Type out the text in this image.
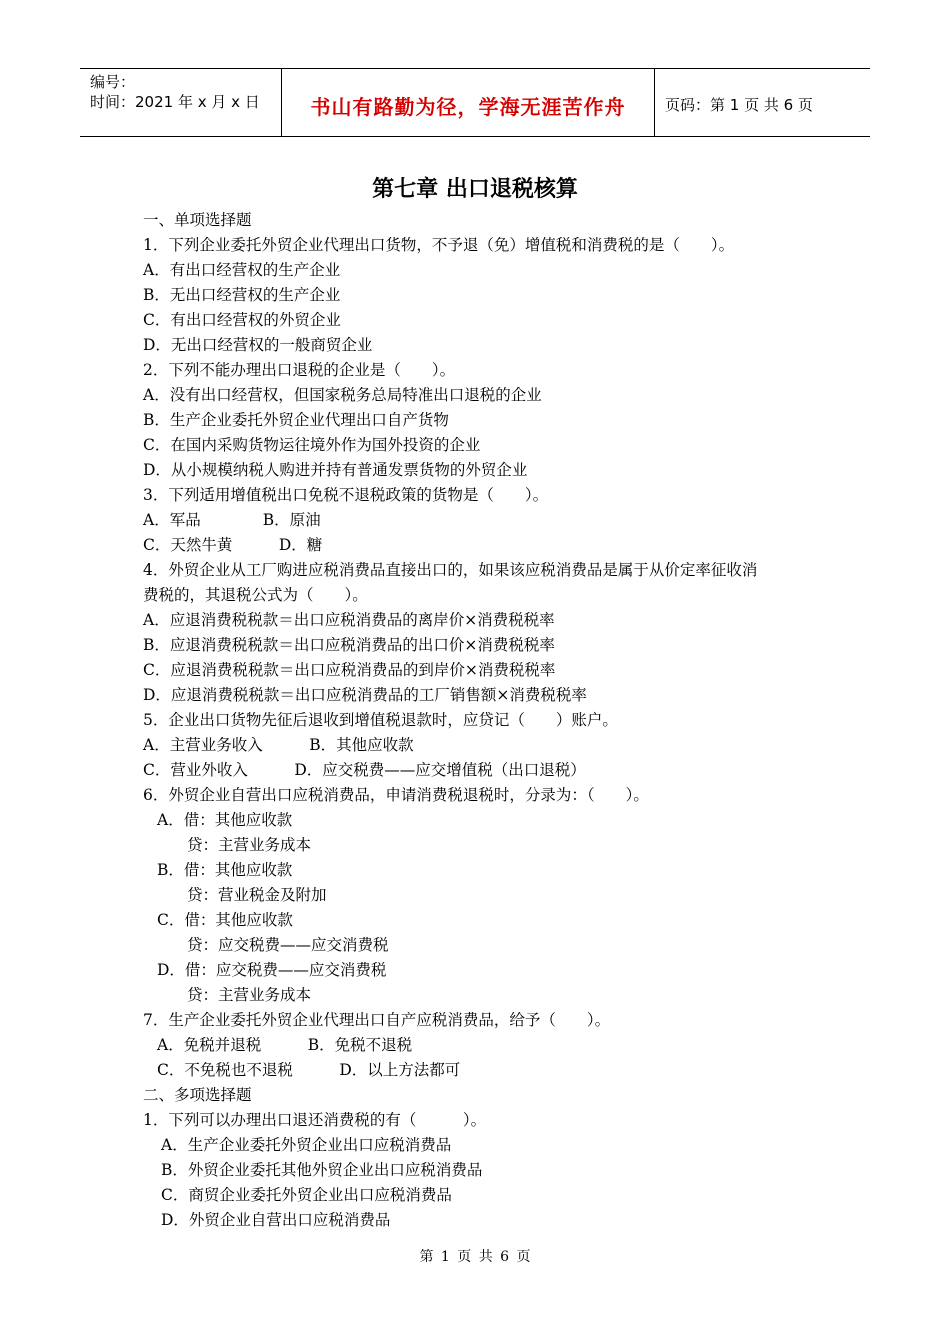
编号：
时间：2021 年 x 月 x 日	书山有路勤为径，学海无涯苦作舟	页码：第 1 页 共 6 页
第七章 出口退税核算
一、单项选择题
1．下列企业委托外贸企业代理出口货物，不予退（免）增值税和消费税的是（　　）。
A．有出口经营权的生产企业
B．无出口经营权的生产企业
C．有出口经营权的外贸企业
D．无出口经营权的一般商贸企业
2．下列不能办理出口退税的企业是（　　）。
A．没有出口经营权，但国家税务总局特准出口退税的企业
B．生产企业委托外贸企业代理出口自产货物
C．在国内采购货物运往境外作为国外投资的企业
D．从小规模纳税人购进并持有普通发票货物的外贸企业
3．下列适用增值税出口免税不退税政策的货物是（　　）。
A．军品　　　　B．原油
C．天然牛黄　　　D．糖
4．外贸企业从工厂购进应税消费品直接出口的，如果该应税消费品是属于从价定率征收消
费税的，其退税公式为（　　）。
A．应退消费税税款＝出口应税消费品的离岸价×消费税税率
B．应退消费税税款＝出口应税消费品的出口价×消费税税率
C．应退消费税税款＝出口应税消费品的到岸价×消费税税率
D．应退消费税税款＝出口应税消费品的工厂销售额×消费税税率
5．企业出口货物先征后退收到增值税退款时，应贷记（　　）账户。
A．主营业务收入　　　B．其他应收款
C．营业外收入　　　D．应交税费——应交增值税（出口退税）
6．外贸企业自营出口应税消费品，申请消费税退税时，分录为：（　　）。
A．借：其他应收款
贷：主营业务成本
B．借：其他应收款
贷：营业税金及附加
C．借：其他应收款
贷：应交税费——应交消费税
D．借：应交税费——应交消费税
贷：主营业务成本
7．生产企业委托外贸企业代理出口自产应税消费品，给予（　　）。
A．免税并退税　　　B．免税不退税
C．不免税也不退税　　　D．以上方法都可
二、多项选择题
1．下列可以办理出口退还消费税的有（　　　）。
A．生产企业委托外贸企业出口应税消费品
B．外贸企业委托其他外贸企业出口应税消费品
C．商贸企业委托外贸企业出口应税消费品
D．外贸企业自营出口应税消费品
第 1 页 共 6 页
